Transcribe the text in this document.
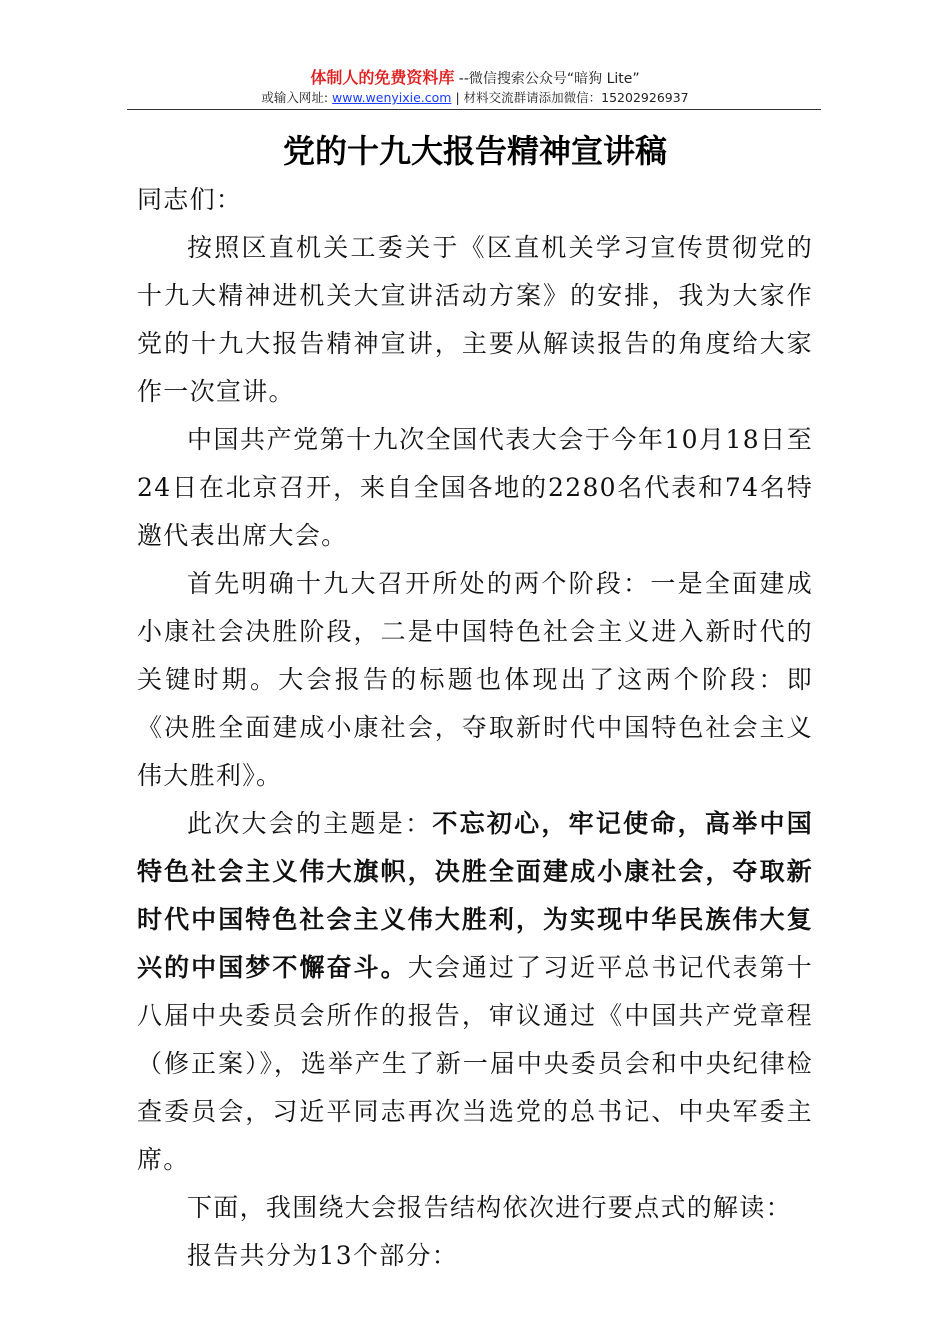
体制人的免费资料库 --微信搜索公众号“暗狗 Lite”
或输入网址: www.wenyixie.com | 材料交流群请添加微信：15202926937
党的十九大报告精神宣讲稿

同志们：

按照区直机关工委关于《区直机关学习宣传贯彻党的十九大精神进机关大宣讲活动方案》的安排，我为大家作党的十九大报告精神宣讲，主要从解读报告的角度给大家作一次宣讲。

中国共产党第十九次全国代表大会于今年10月18日至24日在北京召开，来自全国各地的2280名代表和74名特邀代表出席大会。

首先明确十九大召开所处的两个阶段：一是全面建成小康社会决胜阶段，二是中国特色社会主义进入新时代的关键时期。大会报告的标题也体现出了这两个阶段：即《决胜全面建成小康社会，夺取新时代中国特色社会主义伟大胜利》。

此次大会的主题是：不忘初心，牢记使命，高举中国特色社会主义伟大旗帜，决胜全面建成小康社会，夺取新时代中国特色社会主义伟大胜利，为实现中华民族伟大复兴的中国梦不懈奋斗。大会通过了习近平总书记代表第十八届中央委员会所作的报告，审议通过《中国共产党章程（修正案）》，选举产生了新一届中央委员会和中央纪律检查委员会，习近平同志再次当选党的总书记、中央军委主席。

下面，我围绕大会报告结构依次进行要点式的解读：

报告共分为13个部分：
